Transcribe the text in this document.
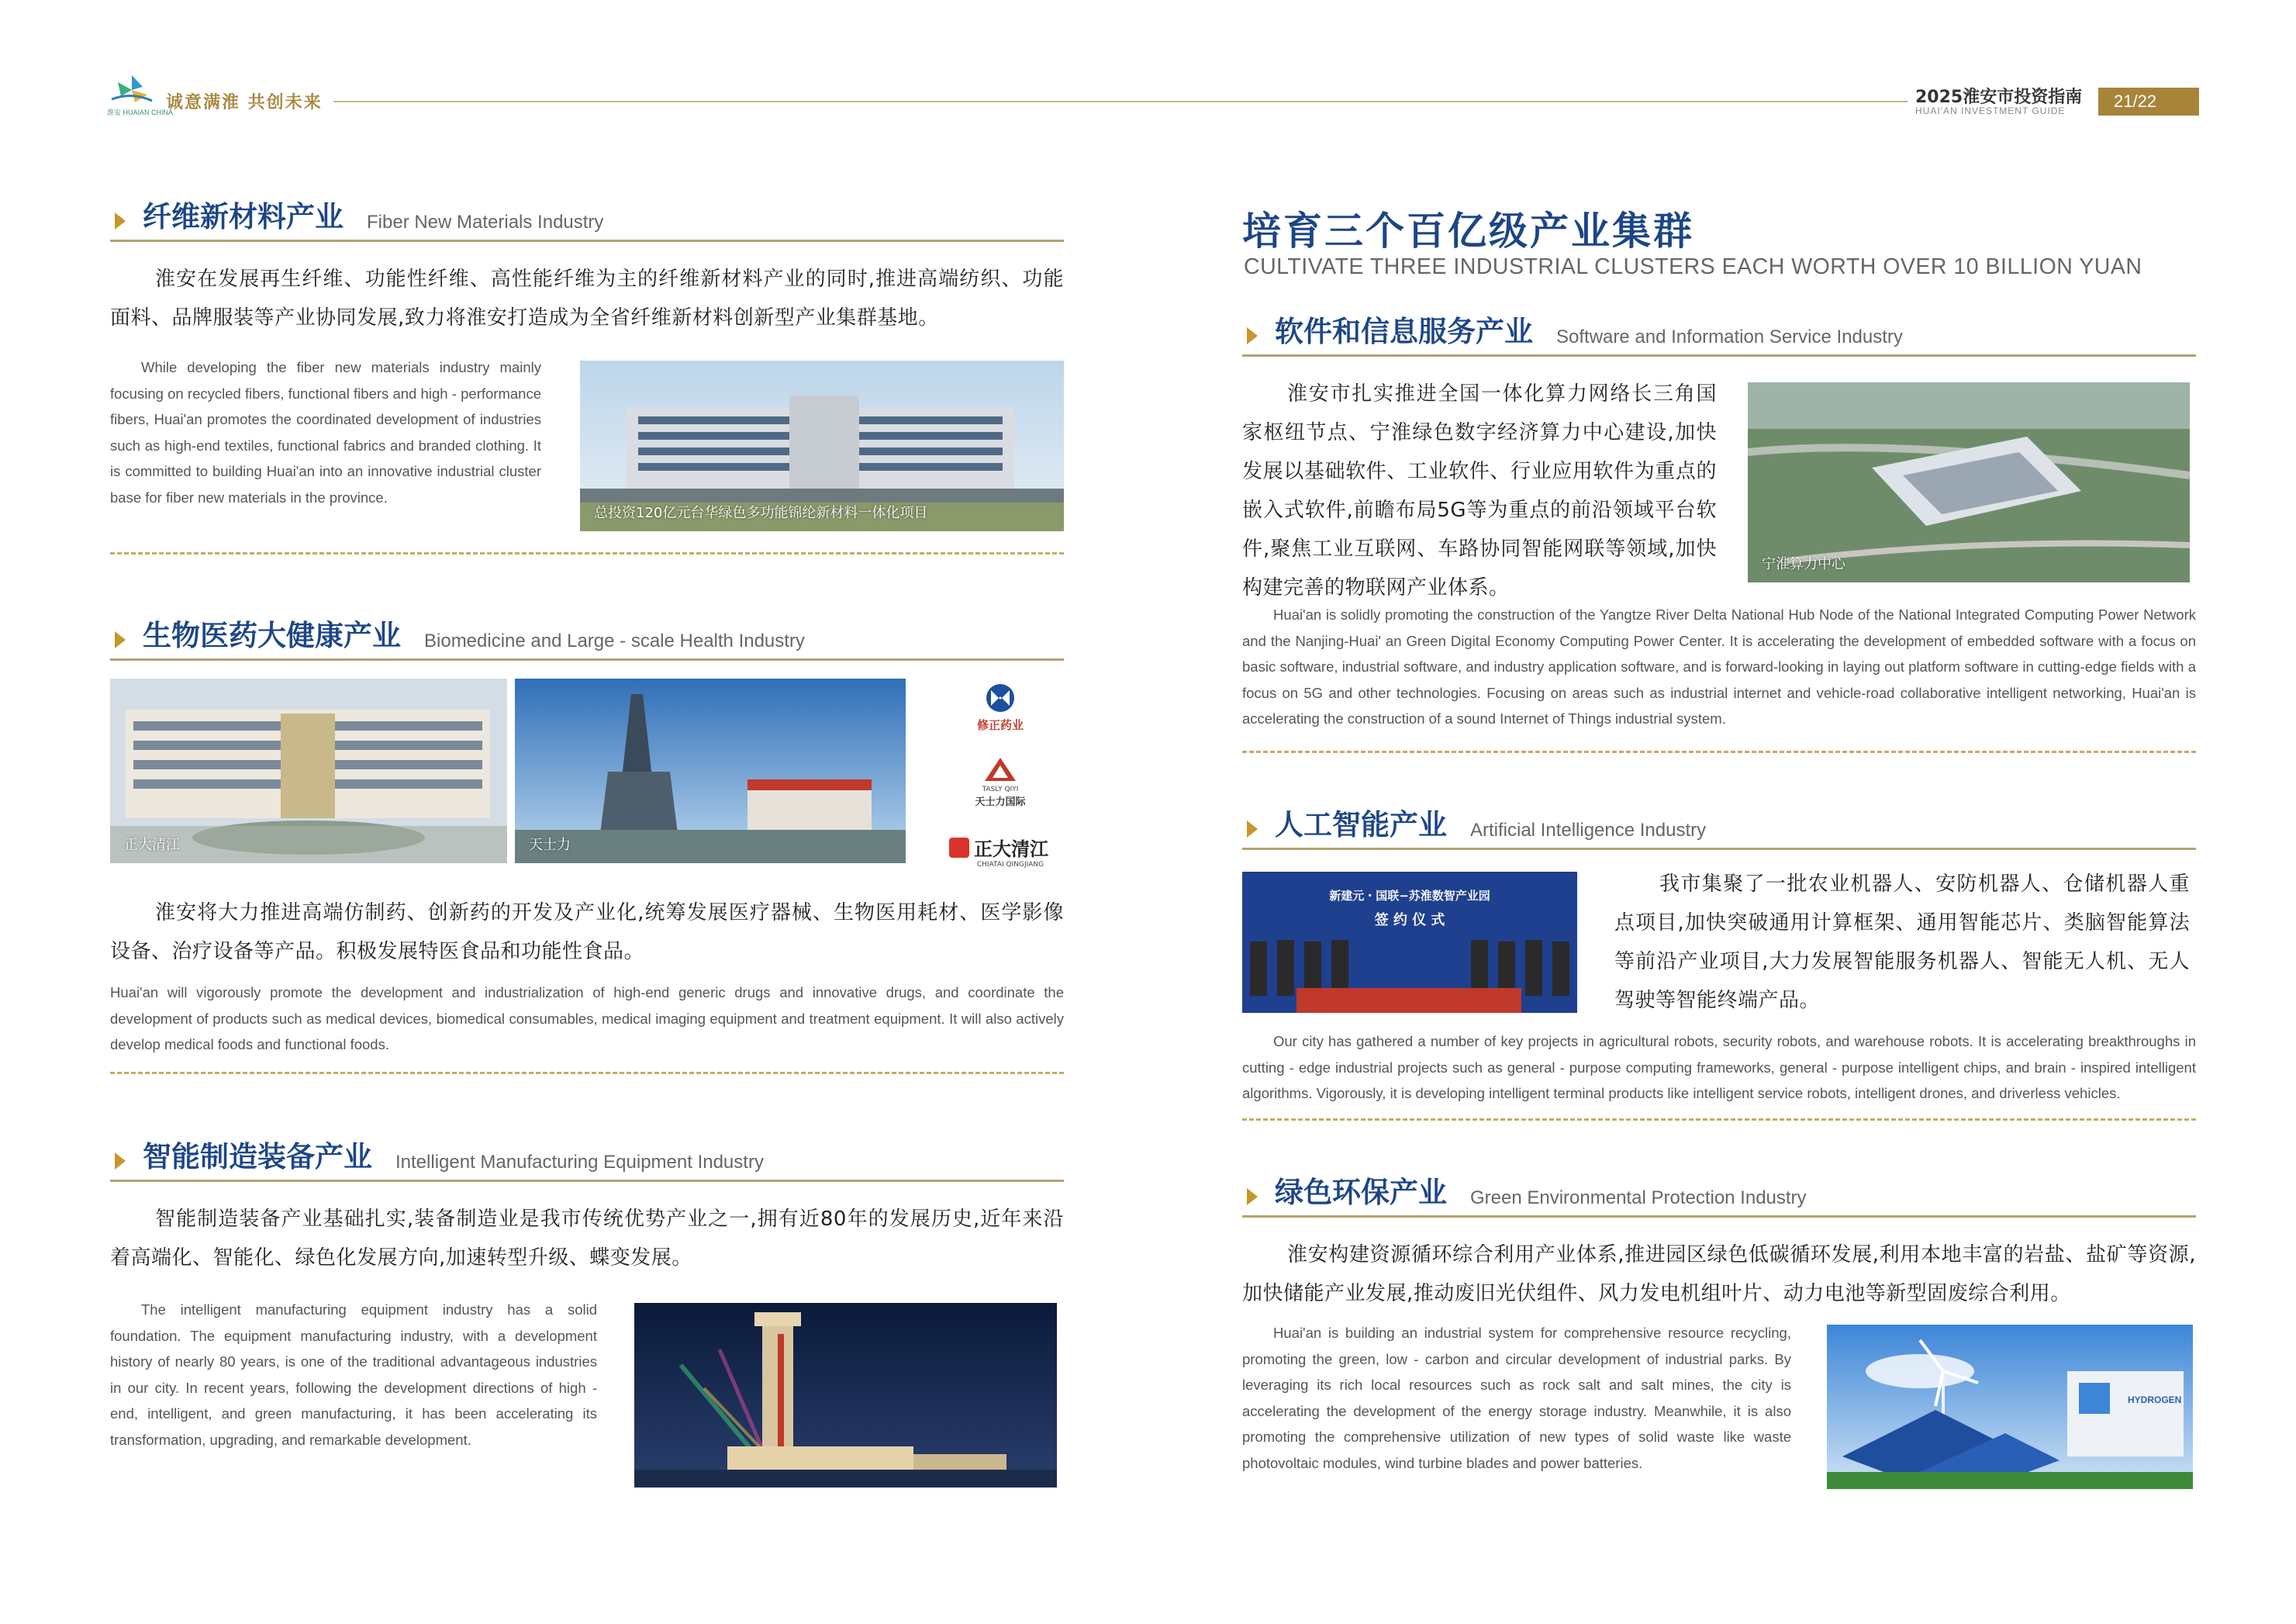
淮安 HUAIAN CHINA
诚意满淮 共创未来	2025淮安市投资指南
HUAI'AN INVESTMENT GUIDE	21/22
纤维新材料产业 Fiber New Materials Industry
淮安在发展再生纤维、功能性纤维、高性能纤维为主的纤维新材料产业的同时,推进高端纺织、功能面料、品牌服装等产业协同发展,致力将淮安打造成为全省纤维新材料创新型产业集群基地。
While developing the fiber new materials industry mainly focusing on recycled fibers, functional fibers and high - performance fibers, Huai'an promotes the coordinated development of industries such as high-end textiles, functional fabrics and branded clothing. It is committed to building Huai'an into an innovative industrial cluster base for fiber new materials in the province.
总投资120亿元台华绿色多功能锦纶新材料一体化项目
生物医药大健康产业 Biomedicine and Large - scale Health Industry
正大清江	天士力
修正药业
TASLY QIYI
天士力国际
正大清江
CHIATAI QINGJIANG
淮安将大力推进高端仿制药、创新药的开发及产业化,统筹发展医疗器械、生物医用耗材、医学影像设备、治疗设备等产品。积极发展特医食品和功能性食品。
Huai'an will vigorously promote the development and industrialization of high-end generic drugs and innovative drugs, and coordinate the development of products such as medical devices, biomedical consumables, medical imaging equipment and treatment equipment. It will also actively develop medical foods and functional foods.
智能制造装备产业 Intelligent Manufacturing Equipment Industry
智能制造装备产业基础扎实,装备制造业是我市传统优势产业之一,拥有近80年的发展历史,近年来沿着高端化、智能化、绿色化发展方向,加速转型升级、蝶变发展。
The intelligent manufacturing equipment industry has a solid foundation. The equipment manufacturing industry, with a development history of nearly 80 years, is one of the traditional advantageous industries in our city. In recent years, following the development directions of high - end, intelligent, and green manufacturing, it has been accelerating its transformation, upgrading, and remarkable development.
培育三个百亿级产业集群
CULTIVATE THREE INDUSTRIAL CLUSTERS EACH WORTH OVER 10 BILLION YUAN
软件和信息服务产业 Software and Information Service Industry
淮安市扎实推进全国一体化算力网络长三角国家枢纽节点、宁淮绿色数字经济算力中心建设,加快发展以基础软件、工业软件、行业应用软件为重点的嵌入式软件,前瞻布局5G等为重点的前沿领域平台软件,聚焦工业互联网、车路协同智能网联等领域,加快构建完善的物联网产业体系。
宁淮算力中心
Huai'an is solidly promoting the construction of the Yangtze River Delta National Hub Node of the National Integrated Computing Power Network and the Nanjing-Huai' an Green Digital Economy Computing Power Center. It is accelerating the development of embedded software with a focus on basic software, industrial software, and industry application software, and is forward-looking in laying out platform software in cutting-edge fields with a focus on 5G and other technologies. Focusing on areas such as industrial internet and vehicle-road collaborative intelligent networking, Huai'an is accelerating the construction of a sound Internet of Things industrial system.
人工智能产业 Artificial Intelligence Industry
新建元・国联−苏淮数智产业园
签 约 仪 式
我市集聚了一批农业机器人、安防机器人、仓储机器人重点项目,加快突破通用计算框架、通用智能芯片、类脑智能算法等前沿产业项目,大力发展智能服务机器人、智能无人机、无人驾驶等智能终端产品。
Our city has gathered a number of key projects in agricultural robots, security robots, and warehouse robots. It is accelerating breakthroughs in cutting - edge industrial projects such as general - purpose computing frameworks, general - purpose intelligent chips, and brain - inspired intelligent algorithms. Vigorously, it is developing intelligent terminal products like intelligent service robots, intelligent drones, and driverless vehicles.
绿色环保产业 Green Environmental Protection Industry
淮安构建资源循环综合利用产业体系,推进园区绿色低碳循环发展,利用本地丰富的岩盐、盐矿等资源,加快储能产业发展,推动废旧光伏组件、风力发电机组叶片、动力电池等新型固废综合利用。
Huai'an is building an industrial system for comprehensive resource recycling, promoting the green, low - carbon and circular development of industrial parks. By leveraging its rich local resources such as rock salt and salt mines, the city is accelerating the development of the energy storage industry. Meanwhile, it is also promoting the comprehensive utilization of new types of solid waste like waste photovoltaic modules, wind turbine blades and power batteries.
HYDROGEN
